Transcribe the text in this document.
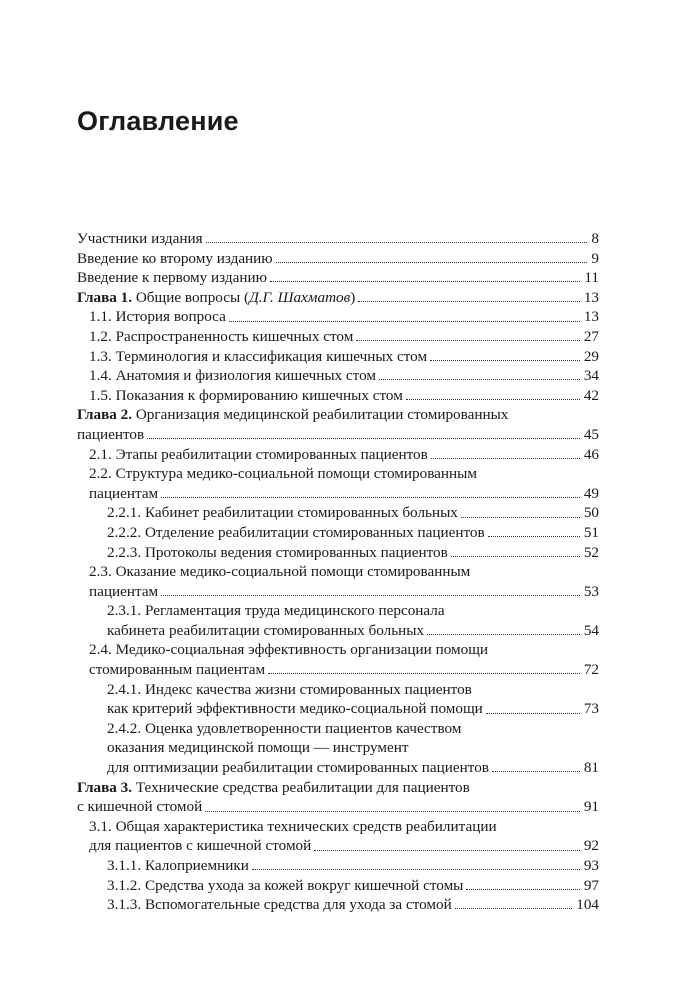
Оглавление
Участники издания	8
Введение ко второму изданию	9
Введение к первому изданию	11
Глава 1. Общие вопросы (Д.Г. Шахматов)	13
1.1. История вопроса	13
1.2. Распространенность кишечных стом	27
1.3. Терминология и классификация кишечных стом	29
1.4. Анатомия и физиология кишечных стом	34
1.5. Показания к формированию кишечных стом	42
Глава 2. Организация медицинской реабилитации стомированных
пациентов	45
2.1. Этапы реабилитации стомированных пациентов	46
2.2. Структура медико-социальной помощи стомированным
пациентам	49
2.2.1. Кабинет реабилитации стомированных больных	50
2.2.2. Отделение реабилитации стомированных пациентов	51
2.2.3. Протоколы ведения стомированных пациентов	52
2.3. Оказание медико-социальной помощи стомированным
пациентам	53
2.3.1. Регламентация труда медицинского персонала
кабинета реабилитации стомированных больных	54
2.4. Медико-социальная эффективность организации помощи
стомированным пациентам	72
2.4.1. Индекс качества жизни стомированных пациентов
как критерий эффективности медико-социальной помощи	73
2.4.2. Оценка удовлетворенности пациентов качеством
оказания медицинской помощи — инструмент
для оптимизации реабилитации стомированных пациентов	81
Глава 3. Технические средства реабилитации для пациентов
с кишечной стомой	91
3.1. Общая характеристика технических средств реабилитации
для пациентов с кишечной стомой	92
3.1.1. Калоприемники	93
3.1.2. Средства ухода за кожей вокруг кишечной стомы	97
3.1.3. Вспомогательные средства для ухода за стомой	104
